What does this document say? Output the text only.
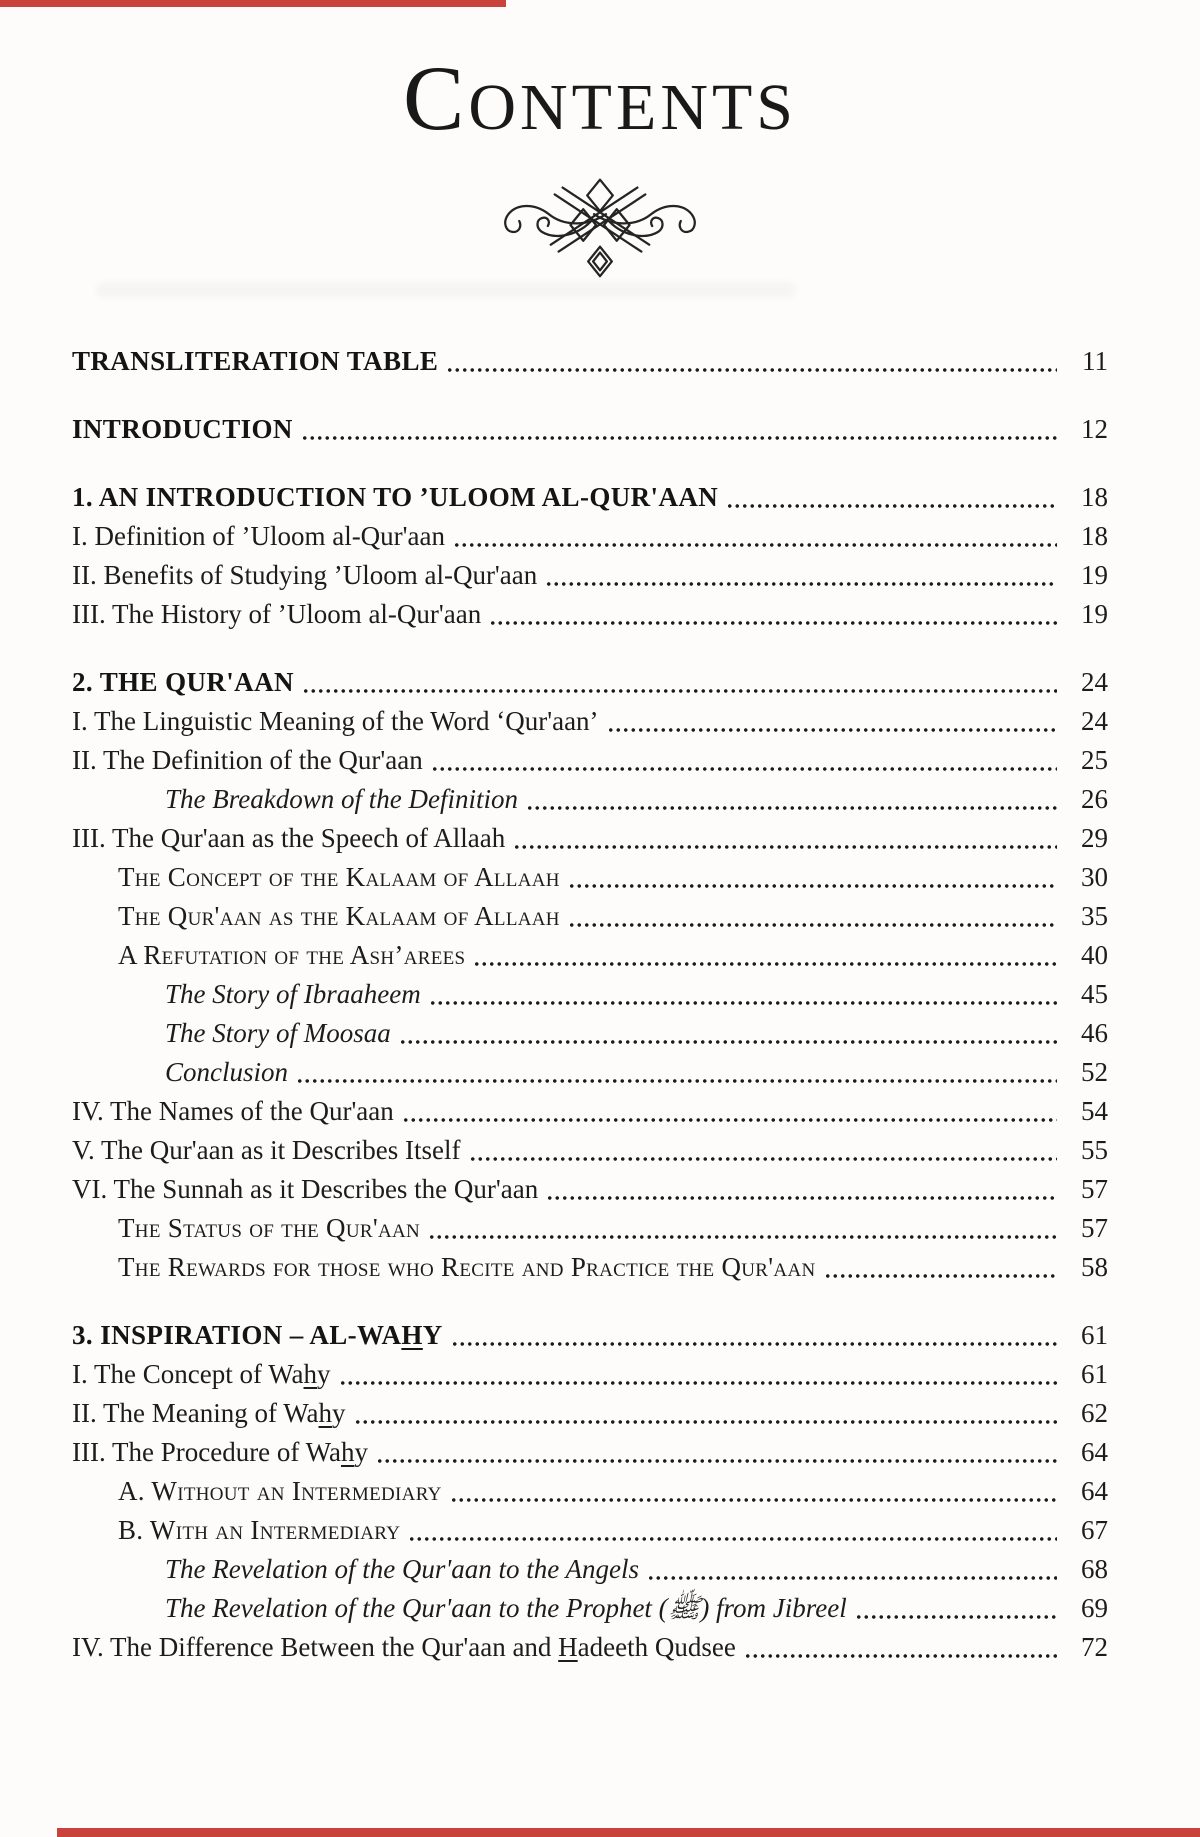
CONTENTS
TRANSLITERATION TABLE	11
INTRODUCTION	12
1. AN INTRODUCTION TO ’ULOOM AL-QUR'AAN	18
I. Definition of ’Uloom al-Qur'aan	18
II. Benefits of Studying ’Uloom al-Qur'aan	19
III. The History of ’Uloom al-Qur'aan	19
2. THE QUR'AAN	24
I. The Linguistic Meaning of the Word ‘Qur'aan’	24
II. The Definition of the Qur'aan	25
The Breakdown of the Definition	26
III. The Qur'aan as the Speech of Allaah	29
The Concept of the Kalaam of Allaah	30
The Qur'aan as the Kalaam of Allaah	35
A Refutation of the Ash’arees	40
The Story of Ibraaheem	45
The Story of Moosaa	46
Conclusion	52
IV. The Names of the Qur'aan	54
V. The Qur'aan as it Describes Itself	55
VI. The Sunnah as it Describes the Qur'aan	57
The Status of the Qur'aan	57
The Rewards for those who Recite and Practice the Qur'aan	58
3. INSPIRATION – AL-WAHY	61
I. The Concept of Wahy	61
II. The Meaning of Wahy	62
III. The Procedure of Wahy	64
A. Without an Intermediary	64
B. With an Intermediary	67
The Revelation of the Qur'aan to the Angels	68
The Revelation of the Qur'aan to the Prophet (ﷺ) from Jibreel	69
IV. The Difference Between the Qur'aan and Hadeeth Qudsee	72
